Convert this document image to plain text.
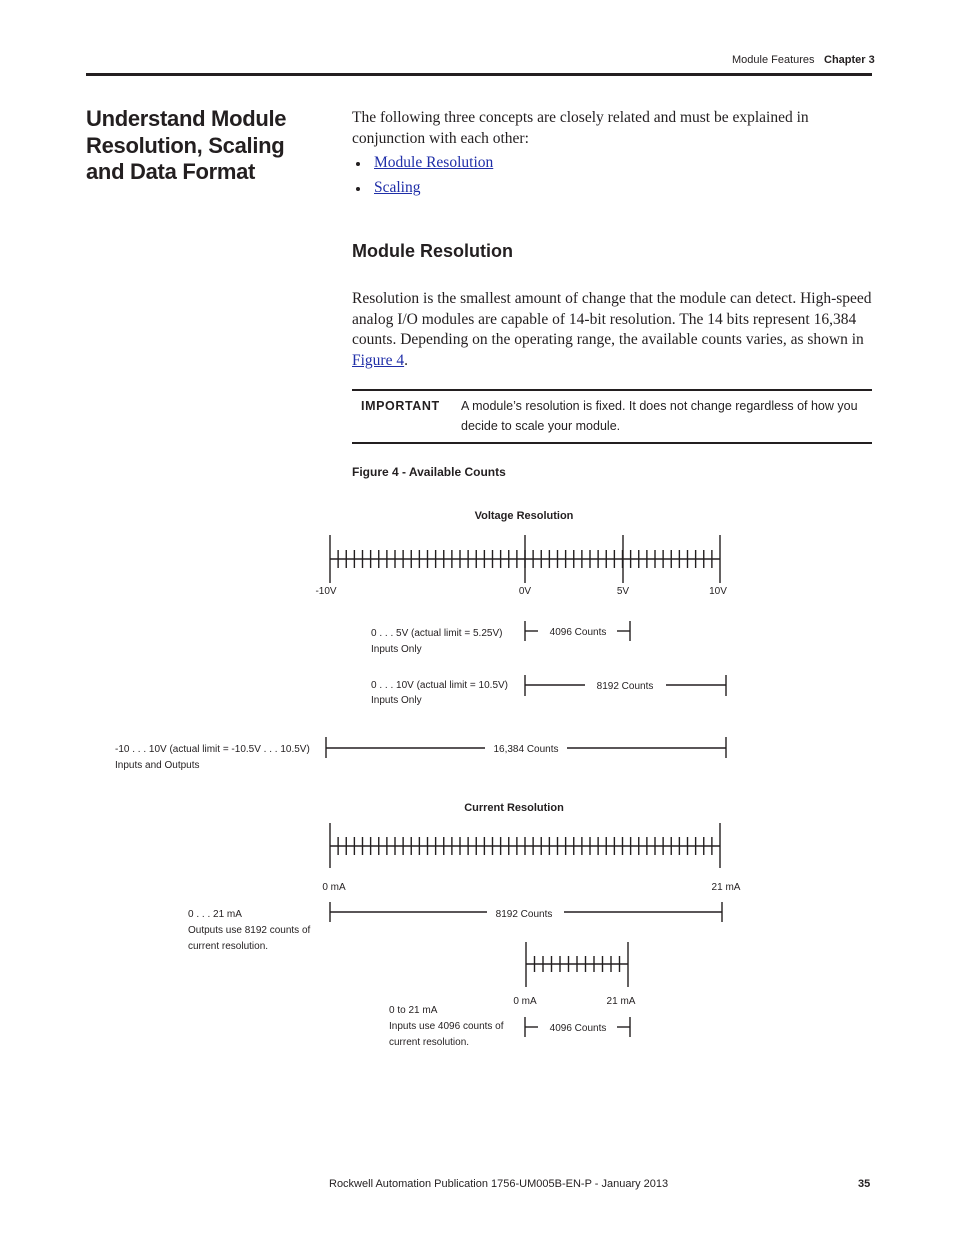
Module Features Chapter 3
Understand Module Resolution, Scaling and Data Format
The following three concepts are closely related and must be explained in conjunction with each other:
Module Resolution
Scaling
Module Resolution
Resolution is the smallest amount of change that the module can detect. High-speed analog I/O modules are capable of 14-bit resolution. The 14 bits represent 16,384 counts. Depending on the operating range, the available counts varies, as shown in Figure 4.
IMPORTANT A module’s resolution is fixed. It does not change regardless of how you decide to scale your module.
Figure 4 - Available Counts
Voltage Resolution
-10V	0V	5V	10V
0 . . . 5V (actual limit = 5.25V)
Inputs Only
4096 Counts
0 . . . 10V (actual limit = 10.5V)
Inputs Only
8192 Counts
-10 . . . 10V (actual limit = -10.5V . . . 10.5V)
Inputs and Outputs
16,384 Counts
Current Resolution
0 mA	21 mA
0 . . . 21 mA
Outputs use 8192 counts of
current resolution.
8192 Counts
0 mA	21 mA
0 to 21 mA
Inputs use 4096 counts of
current resolution.
4096 Counts
Rockwell Automation Publication 1756-UM005B-EN-P - January 2013	35
